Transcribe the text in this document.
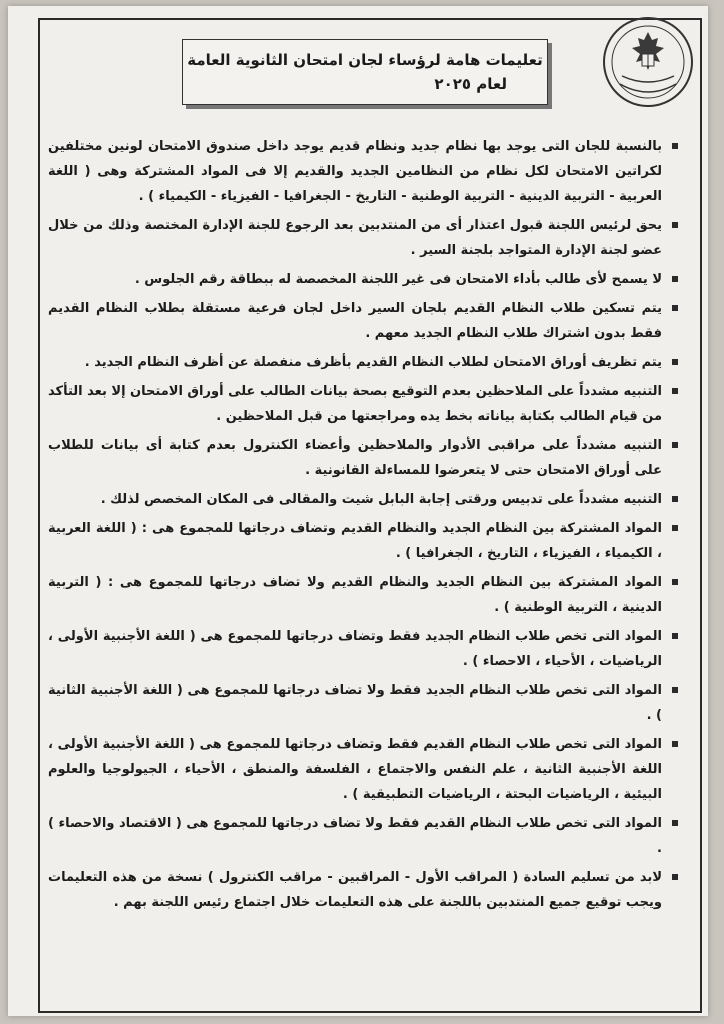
تعليمات هامة لرؤساء لجان امتحان الثانوية العامة
لعام ٢٠٢٥
بالنسبة للجان التى يوجد بها نظام جديد ونظام قديم يوجد داخل صندوق الامتحان لونين مختلفين لكراتين الامتحان لكل نظام من النظامين الجديد والقديم إلا فى المواد المشتركة وهى ( اللغة العربية - التربية الدينية - التربية الوطنية - التاريخ - الجغرافيا - الفيزياء - الكيمياء ) .
يحق لرئيس اللجنة قبول اعتذار أى من المنتدبين بعد الرجوع للجنة الإدارة المختصة وذلك من خلال عضو لجنة الإدارة المتواجد بلجنة السير .
لا يسمح لأى طالب بأداء الامتحان فى غير اللجنة المخصصة له ببطاقة رقم الجلوس .
يتم تسكين طلاب النظام القديم بلجان السير داخل لجان فرعية مستقلة بطلاب النظام القديم فقط بدون اشتراك طلاب النظام الجديد معهم .
يتم تظريف أوراق الامتحان لطلاب النظام القديم بأظرف منفصلة عن أظرف النظام الجديد .
التنبيه مشدداً على الملاحظين بعدم التوقيع بصحة بيانات الطالب على أوراق الامتحان إلا بعد التأكد من قيام الطالب بكتابة بياناته بخط يده ومراجعتها من قبل الملاحظين .
التنبيه مشدداً على مراقبى الأدوار والملاحظين وأعضاء الكنترول بعدم كتابة أى بيانات للطلاب على أوراق الامتحان حتى لا يتعرضوا للمساءلة القانونية .
التنبيه مشدداً على تدبيس ورقتى إجابة البابل شيت والمقالى فى المكان المخصص لذلك .
المواد المشتركة بين النظام الجديد والنظام القديم وتضاف درجاتها للمجموع هى : ( اللغة العربية ، الكيمياء ، الفيزياء ، التاريخ ، الجغرافيا ) .
المواد المشتركة بين النظام الجديد والنظام القديم ولا تضاف درجاتها للمجموع هى : ( التربية الدينية ، التربية الوطنية ) .
المواد التى تخص طلاب النظام الجديد فقط وتضاف درجاتها للمجموع هى ( اللغة الأجنبية الأولى ، الرياضيات ، الأحياء ، الاحصاء ) .
المواد التى تخص طلاب النظام الجديد فقط ولا تضاف درجاتها للمجموع هى ( اللغة الأجنبية الثانية ) .
المواد التى تخص طلاب النظام القديم فقط وتضاف درجاتها للمجموع هى ( اللغة الأجنبية الأولى ، اللغة الأجنبية الثانية ، علم النفس والاجتماع ، الفلسفة والمنطق ، الأحياء ، الجيولوجيا والعلوم البيئية ، الرياضيات البحتة ، الرياضيات التطبيقية ) .
المواد التى تخص طلاب النظام القديم فقط ولا تضاف درجاتها للمجموع هى ( الاقتصاد والاحصاء ) .
لابد من تسليم السادة ( المراقب الأول - المراقبين - مراقب الكنترول ) نسخة من هذه التعليمات ويجب توقيع جميع المنتدبين باللجنة على هذه التعليمات خلال اجتماع رئيس اللجنة بهم .
